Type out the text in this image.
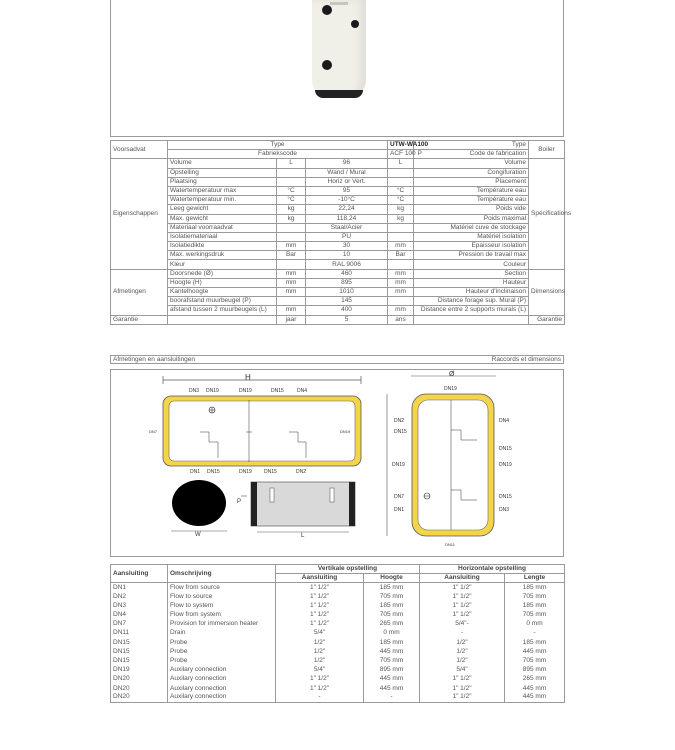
Voorsadvat	Type			UTW-WA100	Type	Boiler
	Fabriekscode			ACF 100 P	Code de fabrication	
Eigenschappen	Volume	L	96	L	Volume	Spécifications
	Opstelling		Wand / Mural		Congifuration	
	Plaatsing		Horiz or Vert.		Placement	
	Watertemperatuur max	°C	95	°C	Température eau	
	Watertemperatuur min.	°C	-10°C	°C	Température eau	
	Leeg gewicht	kg	22,24	kg	Poids vide	
	Max. gewicht	kg	118,24	kg	Poids maximal	
	Materiaal voorraadvat		Staal/Acier		Matériel cuve de stockage	
	Isolatiemateriaal		PU		Matériel isolation	
	Isolatiedikte	mm	30	mm	Epaisseur isolation	
	Max. werkingsdruk	Bar	10	Bar	Pression de travail max	
	Kleur		RAL 9006		Couleur	
Afmetingen	Doorsnede (Ø)	mm	460	mm	Section	Dimensions
	Hoogte (H)	mm	895	mm	Hauteur	
	Kantelhoogte	mm	1010	mm	Hauteur d'inclinaison	
	boorafstand muurbeugel (P)		145		Distance forage sup. Mural (P)	
	afstand tussen 2 muurbeugels (L)	mm	400	mm	Distance entre 2 supports murals (L)	
Garantie		jaar	5	ans		Garantie
Afmetingen en aansluitingen	Raccords et dimensions
H
DN3 DN19	DN19	DN15	DN4
DN1 DN15	DN19 DN15	DN2
DN7	DN19
Ø
DN19
DN2
DN15
DN19
DN7
DN1
DN4
DN15
DN19
DN15
DN3
DN11
W
P
L
Aansluiting	Omschrijving	Vertikale opstelling		Horizontale opstelling	
		Aansluiting	Hoogte	Aansluiting	Lengte
DN1	Flow from source	1" 1/2"	185 mm	1" 1/2"	185 mm
DN2	Flow to source	1" 1/2"	705 mm	1" 1/2"	705 mm
DN3	Flow to system	1" 1/2"	185 mm	1" 1/2"	185 mm
DN4	Flow from system	1" 1/2"	705 mm	1" 1/2"	705 mm
DN7	Provision for immersion heater	1" 1/2"	265 mm	5/4"-	0 mm
DN11	Drain	5/4"	0 mm	-	-
DN15	Probe	1/2"	185 mm	1/2"	185 mm
DN15	Probe	1/2"	445 mm	1/2"	445 mm
DN15	Probe	1/2"	705 mm	1/2"	705 mm
DN19	Auxilary connection	5/4"	895 mm	5/4"	895 mm
DN20	Auxilary connection	1" 1/2"	445 mm	1" 1/2"	265 mm
DN20	Auxilary connection	1" 1/2"	445 mm	1" 1/2"	445 mm
DN20	Auxilary connection	-	-	1" 1/2"	445 mm
